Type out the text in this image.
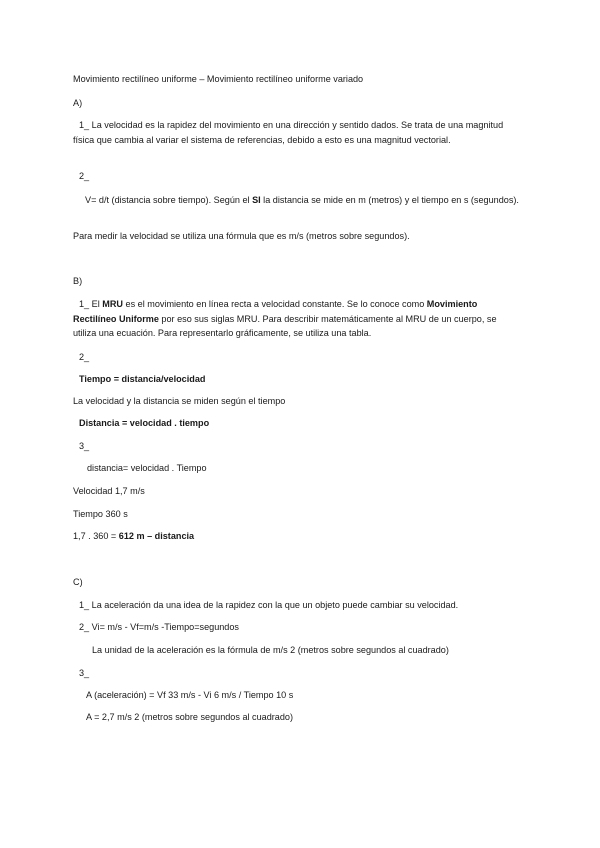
Movimiento rectilíneo uniforme – Movimiento rectilíneo uniforme variado
A)
1_ La velocidad es la rapidez del movimiento en una dirección y sentido dados. Se trata de una magnitud física que cambia al variar el sistema de referencias, debido a esto es una magnitud vectorial.
2_
V= d/t (distancia sobre tiempo). Según el SI la distancia se mide en m (metros) y el tiempo en s (segundos).
Para medir la velocidad se utiliza una fórmula que es m/s (metros sobre segundos).
B)
1_ El MRU es el movimiento en línea recta a velocidad constante. Se lo conoce como Movimiento Rectilíneo Uniforme por eso sus siglas MRU. Para describir matemáticamente al MRU de un cuerpo, se utiliza una ecuación. Para representarlo gráficamente, se utiliza una tabla.
2_
Tiempo = distancia/velocidad
La velocidad y la distancia se miden según el tiempo
Distancia = velocidad . tiempo
3_
distancia= velocidad . Tiempo
Velocidad 1,7 m/s
Tiempo 360 s
1,7 . 360 = 612 m – distancia
C)
1_ La aceleración da una idea de la rapidez con la que un objeto puede cambiar su velocidad.
2_ Vi= m/s - Vf=m/s -Tiempo=segundos
La unidad de la aceleración es la fórmula de m/s 2 (metros sobre segundos al cuadrado)
3_
A (aceleración) = Vf 33 m/s - Vi 6 m/s / Tiempo 10 s
A = 2,7 m/s 2 (metros sobre segundos al cuadrado)
